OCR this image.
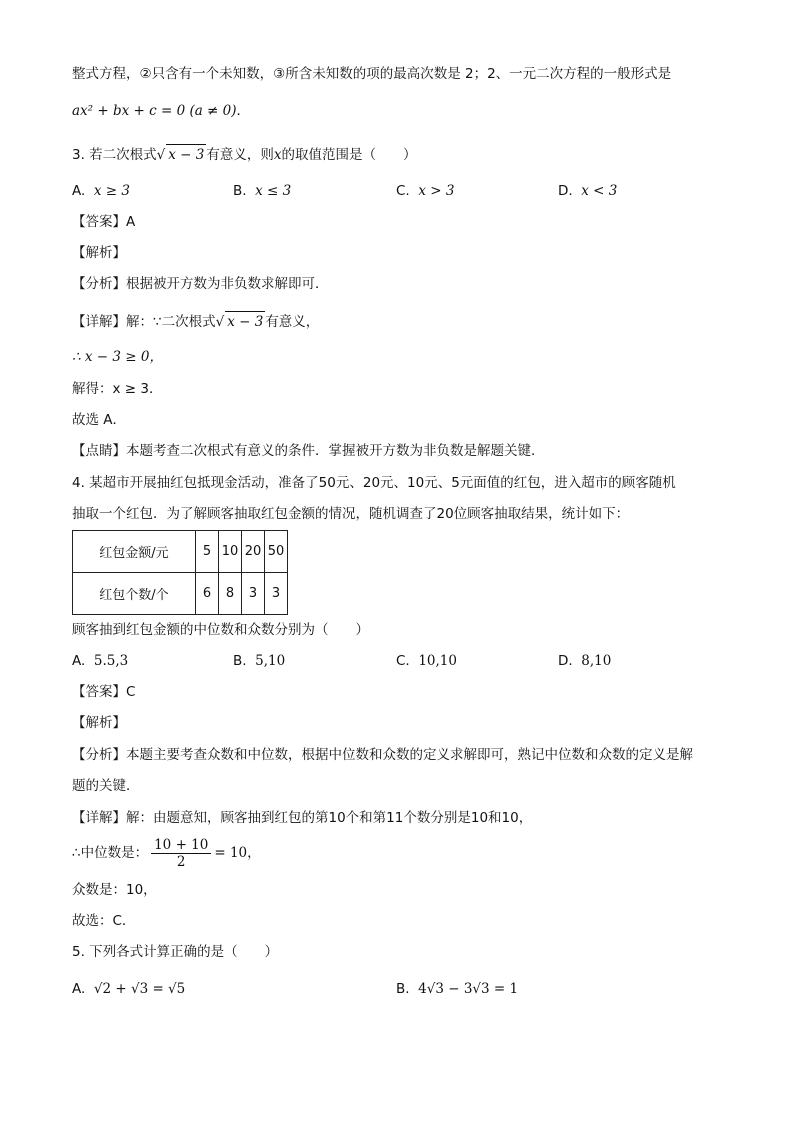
整式方程，②只含有一个未知数，③所含未知数的项的最高次数是 2；2、一元二次方程的一般形式是
ax² + bx + c = 0 (a ≠ 0)．
3. 若二次根式√ x − 3 有意义，则x的取值范围是（　　）
A. x ≥ 3	B. x ≤ 3	C. x > 3	D. x < 3
【答案】A
【解析】
【分析】根据被开方数为非负数求解即可．
【详解】解：∵二次根式√ x − 3 有意义，
∴ x − 3 ≥ 0，
解得：x ≥ 3．
故选 A．
【点睛】本题考查二次根式有意义的条件．掌握被开方数为非负数是解题关键．
4. 某超市开展抽红包抵现金活动，准备了50元、20元、10元、5元面值的红包，进入超市的顾客随机
抽取一个红包．为了解顾客抽取红包金额的情况，随机调查了20位顾客抽取结果，统计如下：
红包金额/元	5	10	20	50
红包个数/个	6	8	3	3
顾客抽到红包金额的中位数和众数分别为（　　）
A. 5.5,3	B. 5,10	C. 10,10	D. 8,10
【答案】C
【解析】
【分析】本题主要考查众数和中位数，根据中位数和众数的定义求解即可，熟记中位数和众数的定义是解
题的关键．
【详解】解：由题意知，顾客抽到红包的第10个和第11个数分别是10和10，
∴中位数是： $\frac{10 + 10}{2} = 10$，
众数是：10，
故选：C．
5. 下列各式计算正确的是（　　）
A. √2 + √3 = √5	B. 4√3 − 3√3 = 1
